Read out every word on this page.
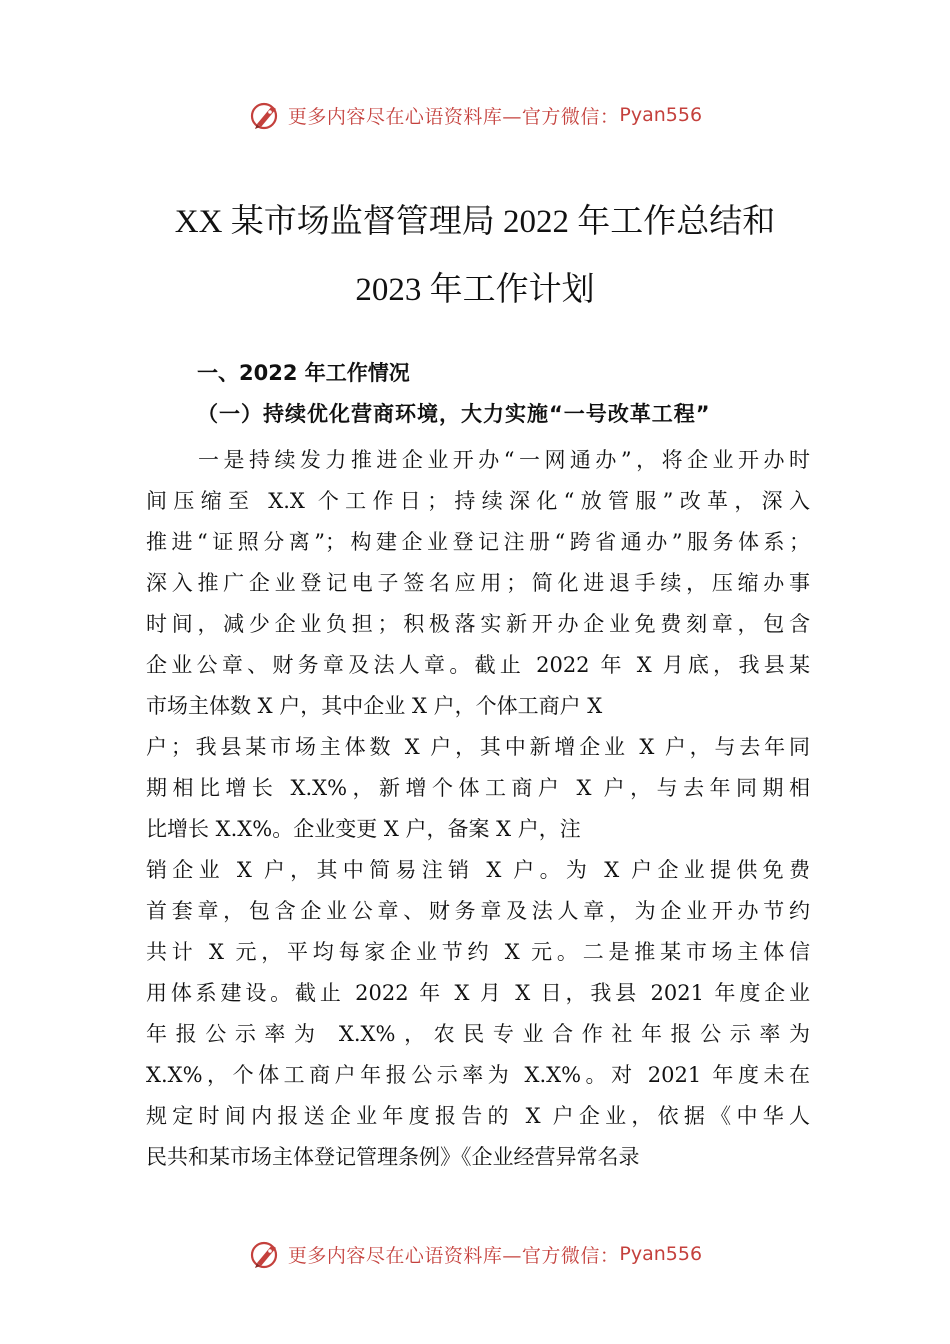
更多内容尽在心语资料库—官方微信： Pyan556
XX 某市场监督管理局 2022 年工作总结和
2023 年工作计划
一、2022 年工作情况
（一）持续优化营商环境，大力实施“一号改革工程”
一是持续发力推进企业开办“一网通办”，将企业开办时
间压缩至 X.X 个工作日；持续深化“放管服”改革，深入
推进“证照分离”；构建企业登记注册“跨省通办”服务体系；
深入推广企业登记电子签名应用；简化进退手续，压缩办事
时间，减少企业负担；积极落实新开办企业免费刻章，包含
企业公章、财务章及法人章。截止 2022 年 X 月底，我县某
市场主体数 X 户，其中企业 X 户，个体工商户 X
户；我县某市场主体数 X 户，其中新增企业 X 户，与去年同
期相比增长 X.X%，新增个体工商户 X 户，与去年同期相
比增长 X.X%。企业变更 X 户，备案 X 户，注
销企业 X 户，其中简易注销 X 户。为 X 户企业提供免费
首套章，包含企业公章、财务章及法人章，为企业开办节约
共计 X 元，平均每家企业节约 X 元。二是推某市场主体信
用体系建设。截止 2022 年 X 月 X 日，我县 2021 年度企业
年报公示率为 X.X%，农民专业合作社年报公示率为
X.X%，个体工商户年报公示率为 X.X%。对 2021 年度未在
规定时间内报送企业年度报告的 X 户企业，依据《中华人
民共和某市场主体登记管理条例》《企业经营异常名录
更多内容尽在心语资料库—官方微信： Pyan556
